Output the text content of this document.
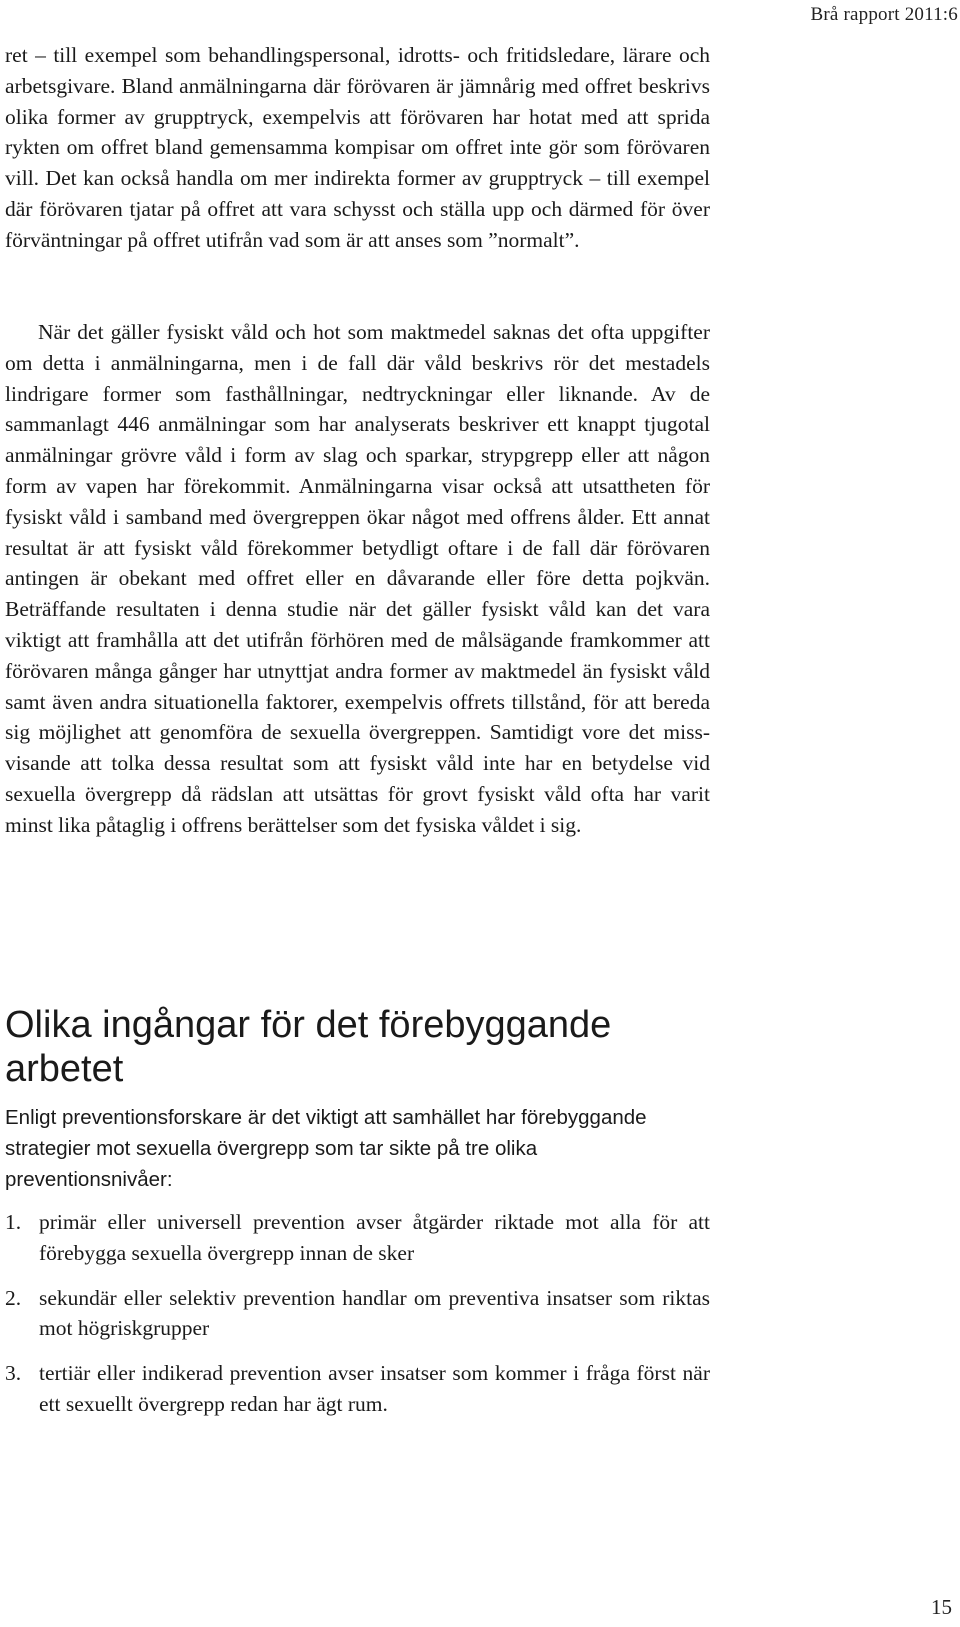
Brå rapport 2011:6

ret – till exempel som behandlingspersonal, idrotts- och fritidsledare, lärare och arbetsgivare. Bland anmälningarna där förövaren är jämnårig med offret beskrivs olika former av grupptryck, exempelvis att förövaren har hotat med att sprida rykten om offret bland gemensamma kompisar om offret inte gör som förövaren vill. Det kan också handla om mer indirekta former av grupptryck – till exempel där förövaren tjatar på offret att vara schysst och ställa upp och därmed för över förväntningar på offret utifrån vad som är att anses som ”normalt”.

När det gäller fysiskt våld och hot som maktmedel saknas det ofta uppgifter om detta i anmälningarna, men i de fall där våld beskrivs rör det mestadels lindrigare former som fasthållningar, nedtryckningar eller liknande. Av de sammanlagt 446 anmälningar som har analyserats beskriver ett knappt tjugotal anmälningar grövre våld i form av slag och sparkar, strypgrepp eller att någon form av vapen har förekommit. Anmälningarna visar också att utsattheten för fysiskt våld i samband med övergreppen ökar något med offrens ålder. Ett annat resultat är att fysiskt våld förekommer betydligt oftare i de fall där förövaren antingen är obekant med offret eller en dåvarande eller före detta pojkvän. Beträffande resultaten i denna studie när det gäller fysiskt våld kan det vara viktigt att framhålla att det utifrån förhören med de målsägande framkommer att förövaren många gånger har utnyttjat andra former av maktmedel än fysiskt våld samt även andra situationella faktorer, exempelvis offrets tillstånd, för att bereda sig möjlighet att genomföra de sexuella övergreppen. Samtidigt vore det missvisande att tolka dessa resultat som att fysiskt våld inte har en betydelse vid sexuella övergrepp då rädslan att utsättas för grovt fysiskt våld ofta har varit minst lika påtaglig i offrens berättelser som det fysiska våldet i sig.

Olika ingångar för det förebyggande arbetet

Enligt preventionsforskare är det viktigt att samhället har förebyggande strategier mot sexuella övergrepp som tar sikte på tre olika preventionsnivåer:

1. primär eller universell prevention avser åtgärder riktade mot alla för att förebygga sexuella övergrepp innan de sker
2. sekundär eller selektiv prevention handlar om preventiva insatser som riktas mot högriskgrupper
3. tertiär eller indikerad prevention avser insatser som kommer i fråga först när ett sexuellt övergrepp redan har ägt rum.
15
